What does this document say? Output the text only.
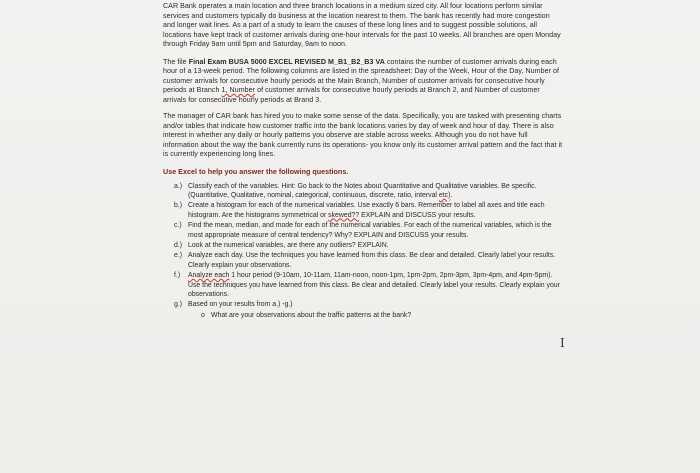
CAR Bank operates a main location and three branch locations in a medium sized city. All four locations perform similar services and customers typically do business at the location nearest to them. The bank has recently had more congestion and longer wait lines. As a part of a study to learn the causes of these long lines and to suggest possible solutions, all locations have kept track of customer arrivals during one-hour intervals for the past 10 weeks. All branches are open Monday through Friday 9am until 5pm and Saturday, 9am to noon.

The file Final Exam BUSA 5000 EXCEL REVISED M_B1_B2_B3 VA contains the number of customer arrivals during each hour of a 13-week period. The following columns are listed in the spreadsheet: Day of the Week, Hour of the Day, Number of customer arrivals for consecutive hourly periods at the Main Branch, Number of customer arrivals for consecutive hourly periods at Branch 1, Number of customer arrivals for consecutive hourly periods at Branch 2, and Number of customer arrivals for consecutive hourly periods at Brand 3.

The manager of CAR bank has hired you to make some sense of the data. Specifically, you are tasked with presenting charts and/or tables that indicate how customer traffic into the bank locations varies by day of week and hour of day. There is also interest in whether any daily or hourly patterns you observe are stable across weeks. Although you do not have full information about the way the bank currently runs its operations- you know only its customer arrival pattern and the fact that it is currently experiencing long lines.

Use Excel to help you answer the following questions.
a.) Classify each of the variables. Hint: Go back to the Notes about Quantitative and Qualitative variables. Be specific. (Quantitative, Qualitative, nominal, categorical, continuous, discrete, ratio, interval etc).
b.) Create a histogram for each of the numerical variables. Use exactly 6 bars. Remember to label all axes and title each histogram. Are the histograms symmetrical or skewed?? EXPLAIN and DISCUSS your results.
c.) Find the mean, median, and mode for each of the numerical variables. For each of the numerical variables, which is the most appropriate measure of central tendency? Why? EXPLAIN and DISCUSS your results.
d.) Look at the numerical variables, are there any outliers? EXPLAIN.
e.) Analyze each day. Use the techniques you have learned from this class. Be clear and detailed. Clearly label your results. Clearly explain your observations.
f.) Analyze each 1 hour period (9-10am, 10-11am, 11am-noon, noon-1pm, 1pm-2pm, 2pm-3pm, 3pm-4pm, and 4pm-5pm). Use the techniques you have learned from this class. Be clear and detailed. Clearly label your results. Clearly explain your observations.
g.) Based on your results from a.) -g.)
o What are your observations about the traffic patterns at the bank?
I
